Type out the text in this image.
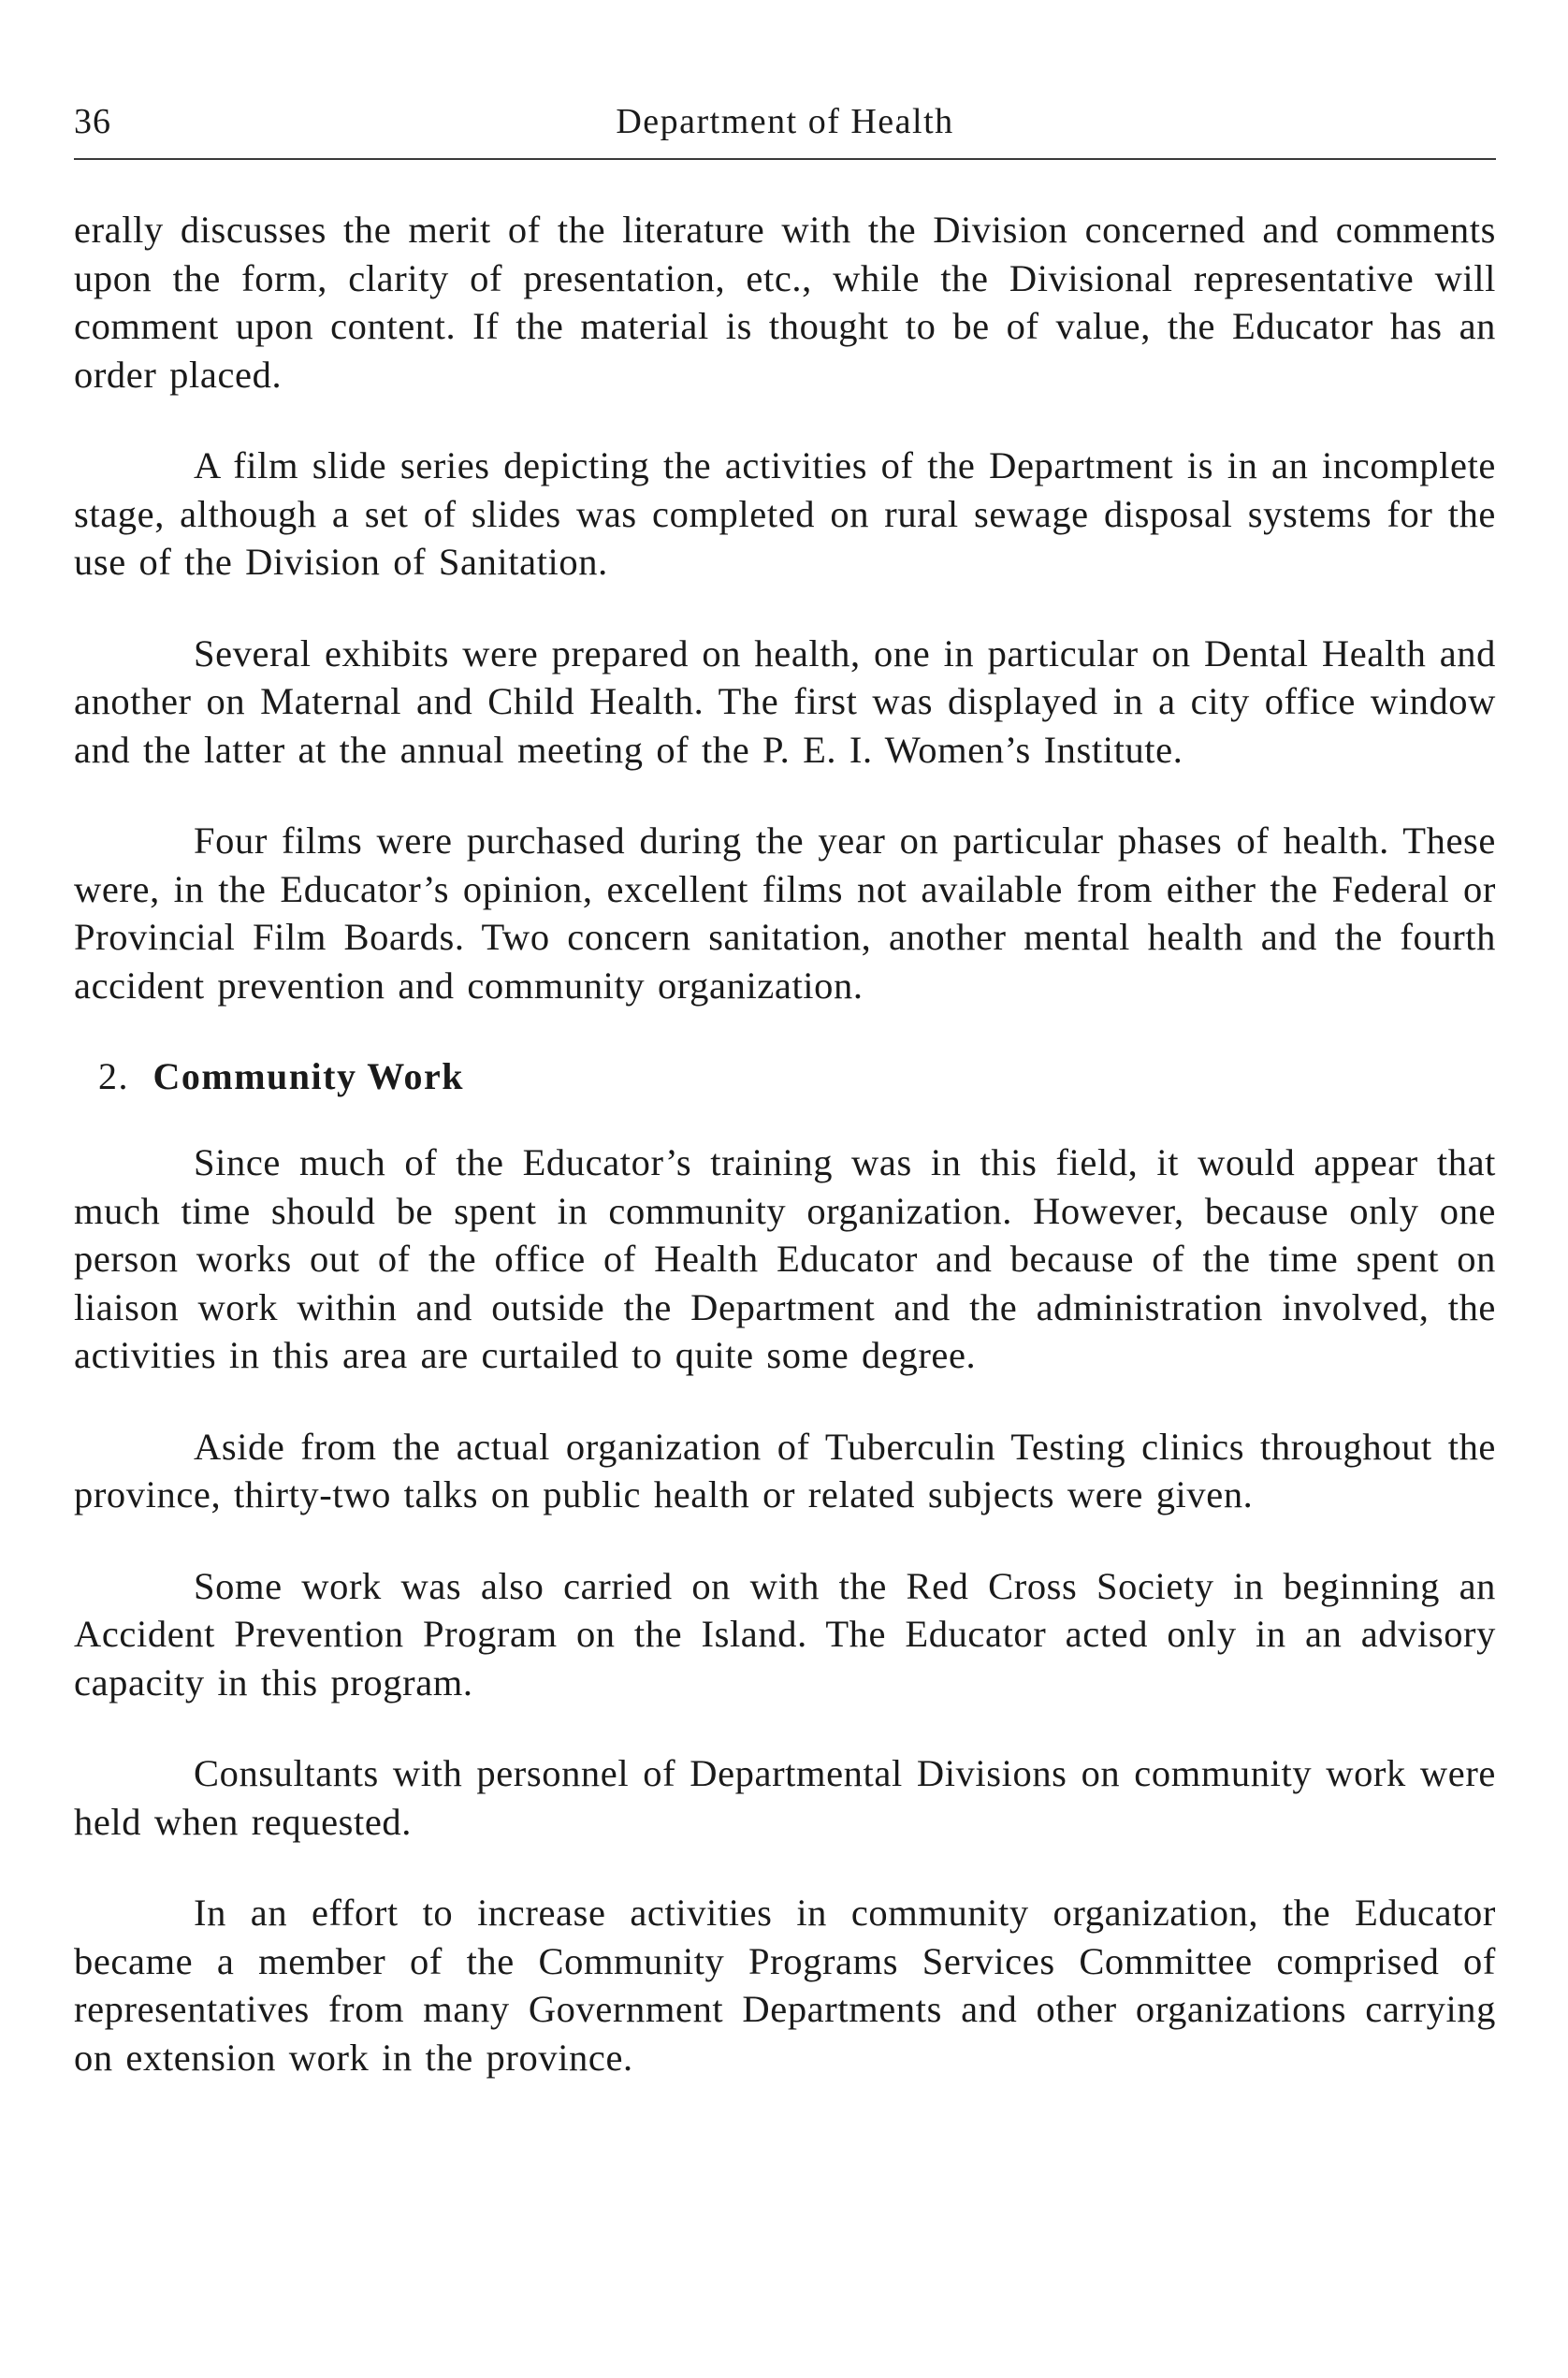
36	Department of Health

erally discusses the merit of the literature with the Division concerned and comments upon the form, clarity of presentation, etc., while the Divisional representative will comment upon content. If the material is thought to be of value, the Educator has an order placed.

A film slide series depicting the activities of the Department is in an incomplete stage, although a set of slides was completed on rural sewage disposal systems for the use of the Division of Sanitation.

Several exhibits were prepared on health, one in particular on Dental Health and another on Maternal and Child Health. The first was displayed in a city office window and the latter at the annual meeting of the P. E. I. Women’s Institute.

Four films were purchased during the year on particular phases of health. These were, in the Educator’s opinion, excellent films not available from either the Federal or Provincial Film Boards. Two concern sanitation, another mental health and the fourth accident prevention and community organization.

2. Community Work

Since much of the Educator’s training was in this field, it would appear that much time should be spent in community organization. However, because only one person works out of the office of Health Educator and because of the time spent on liaison work within and outside the Department and the administration involved, the activities in this area are curtailed to quite some degree.

Aside from the actual organization of Tuberculin Testing clinics throughout the province, thirty-two talks on public health or related subjects were given.

Some work was also carried on with the Red Cross Society in beginning an Accident Prevention Program on the Island. The Educator acted only in an advisory capacity in this program.

Consultants with personnel of Departmental Divisions on community work were held when requested.

In an effort to increase activities in community organization, the Educator became a member of the Community Programs Services Committee comprised of representatives from many Government Departments and other organizations carrying on extension work in the province.
